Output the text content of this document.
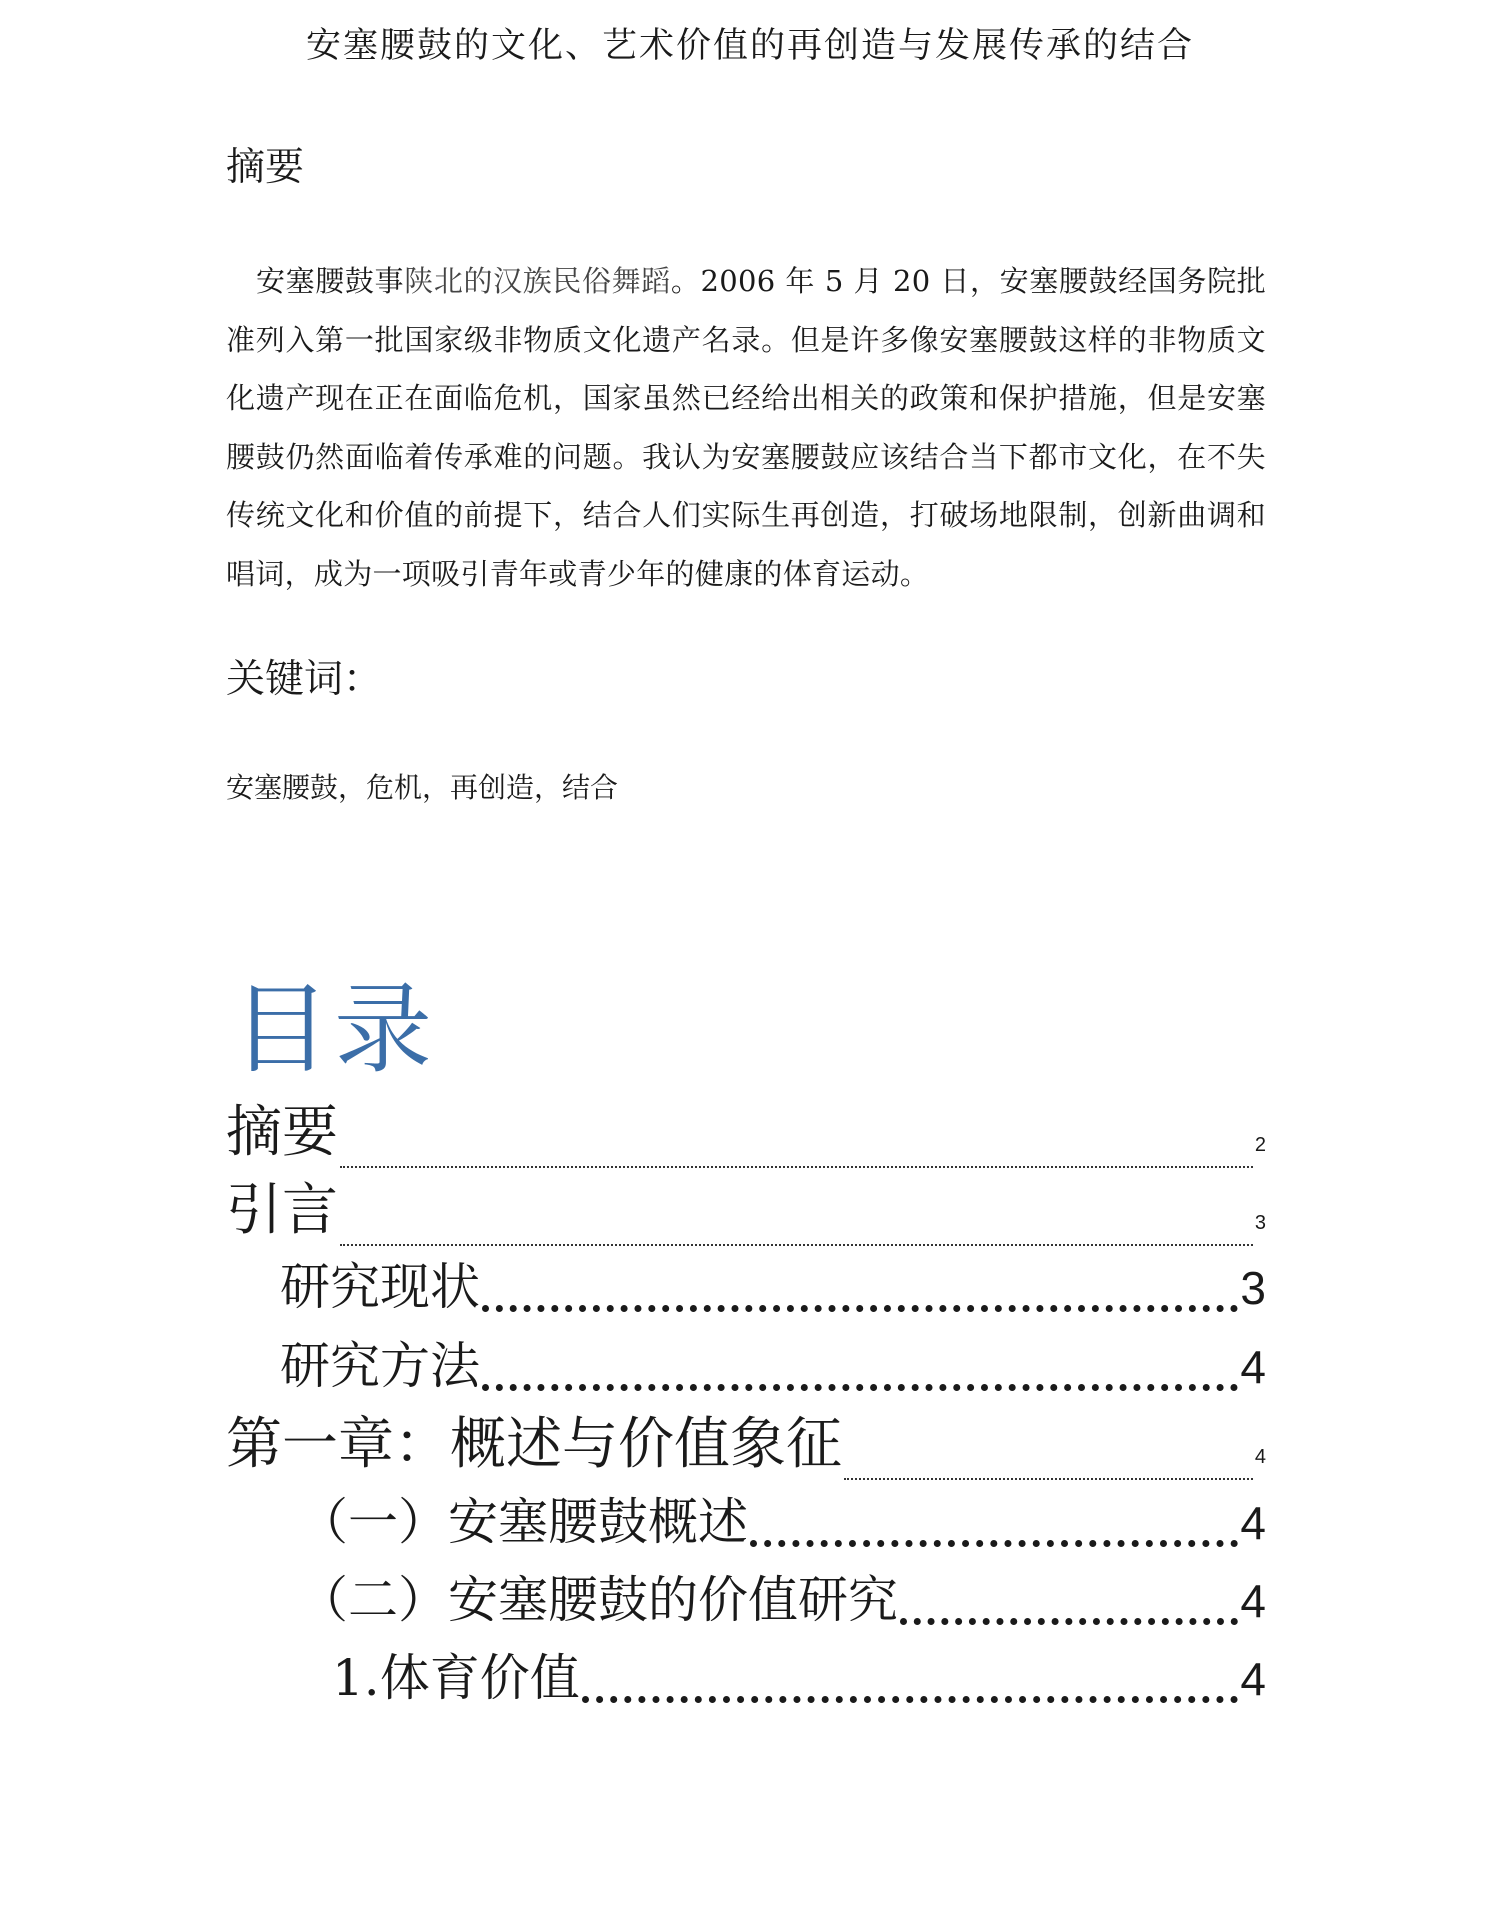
安塞腰鼓的文化、艺术价值的再创造与发展传承的结合
摘要
安塞腰鼓事陕北的汉族民俗舞蹈。2006 年 5 月 20 日，安塞腰鼓经国务院批准列入第一批国家级非物质文化遗产名录。但是许多像安塞腰鼓这样的非物质文化遗产现在正在面临危机，国家虽然已经给出相关的政策和保护措施，但是安塞腰鼓仍然面临着传承难的问题。我认为安塞腰鼓应该结合当下都市文化，在不失传统文化和价值的前提下，结合人们实际生再创造，打破场地限制，创新曲调和唱词，成为一项吸引青年或青少年的健康的体育运动。
关键词：
安塞腰鼓，危机，再创造，结合
目录
摘要	2
引言	3
研究现状	3
研究方法	4
第一章：概述与价值象征	4
（一）安塞腰鼓概述	4
（二）安塞腰鼓的价值研究	4
1.体育价值	4
